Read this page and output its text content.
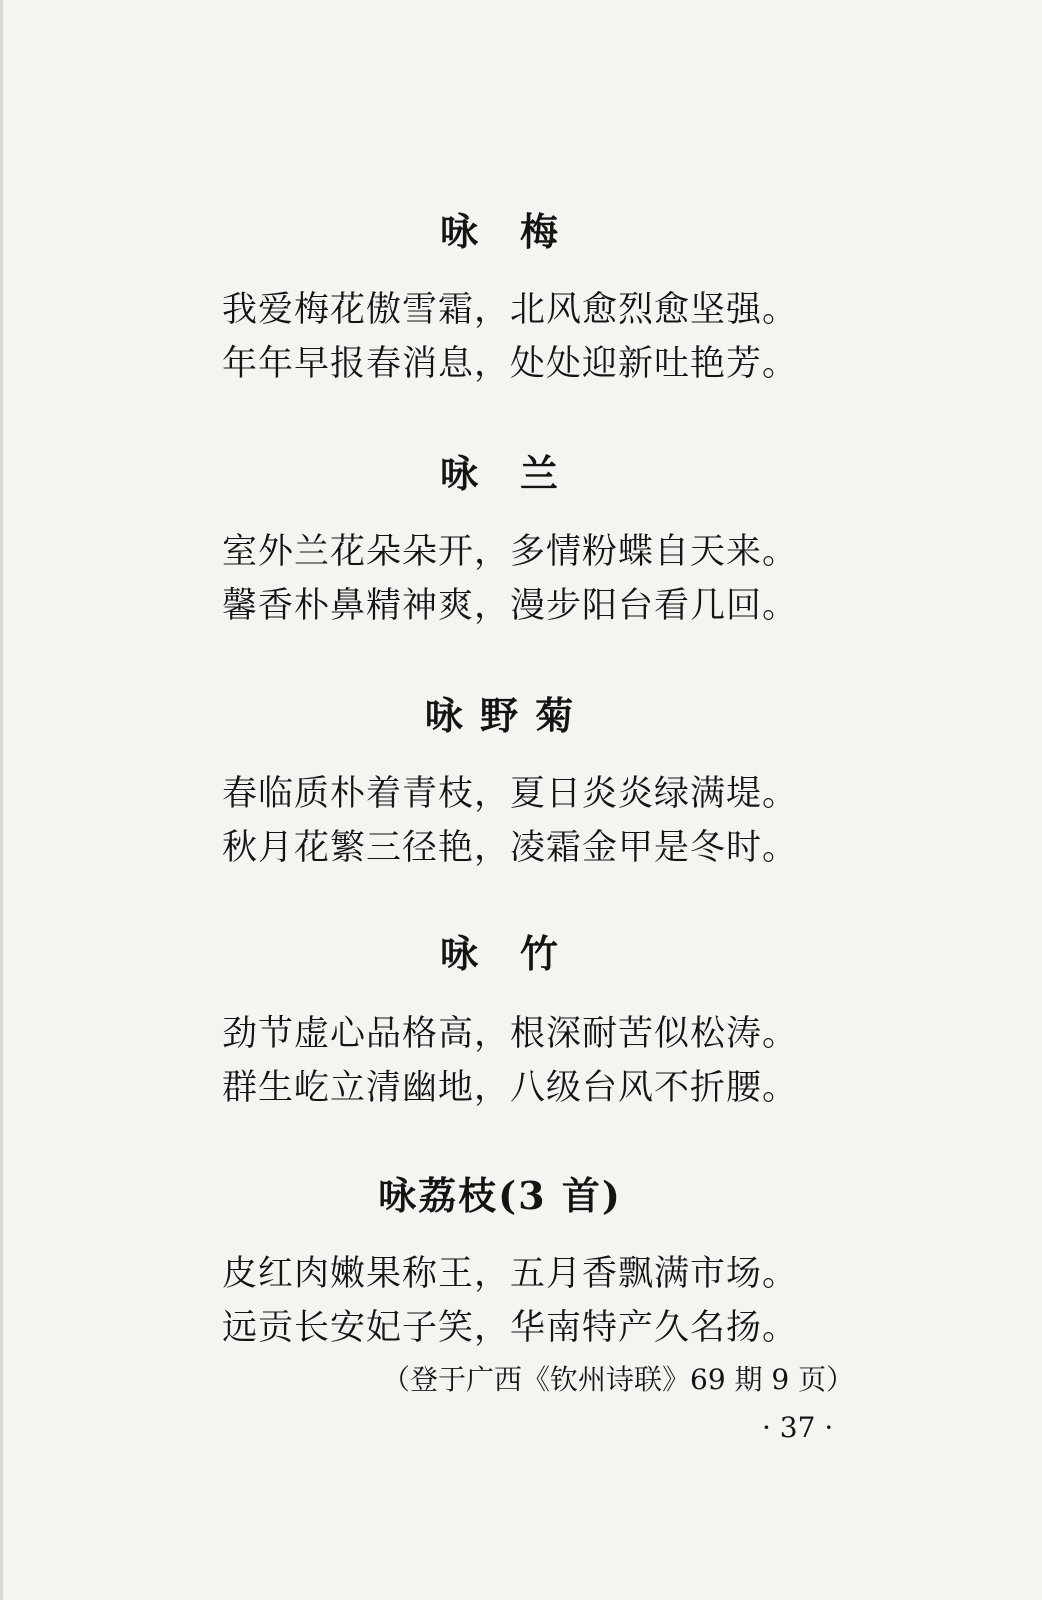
咏　梅
我爱梅花傲雪霜，北风愈烈愈坚强。
年年早报春消息，处处迎新吐艳芳。
咏　兰
室外兰花朵朵开，多情粉蝶自天来。
馨香朴鼻精神爽，漫步阳台看几回。
咏 野 菊
春临质朴着青枝，夏日炎炎绿满堤。
秋月花繁三径艳，凌霜金甲是冬时。
咏　竹
劲节虚心品格高，根深耐苦似松涛。
群生屹立清幽地，八级台风不折腰。
咏荔枝(3 首)
皮红肉嫩果称王，五月香飘满市场。
远贡长安妃子笑，华南特产久名扬。
（登于广西《钦州诗联》69 期 9 页）
· 37 ·
